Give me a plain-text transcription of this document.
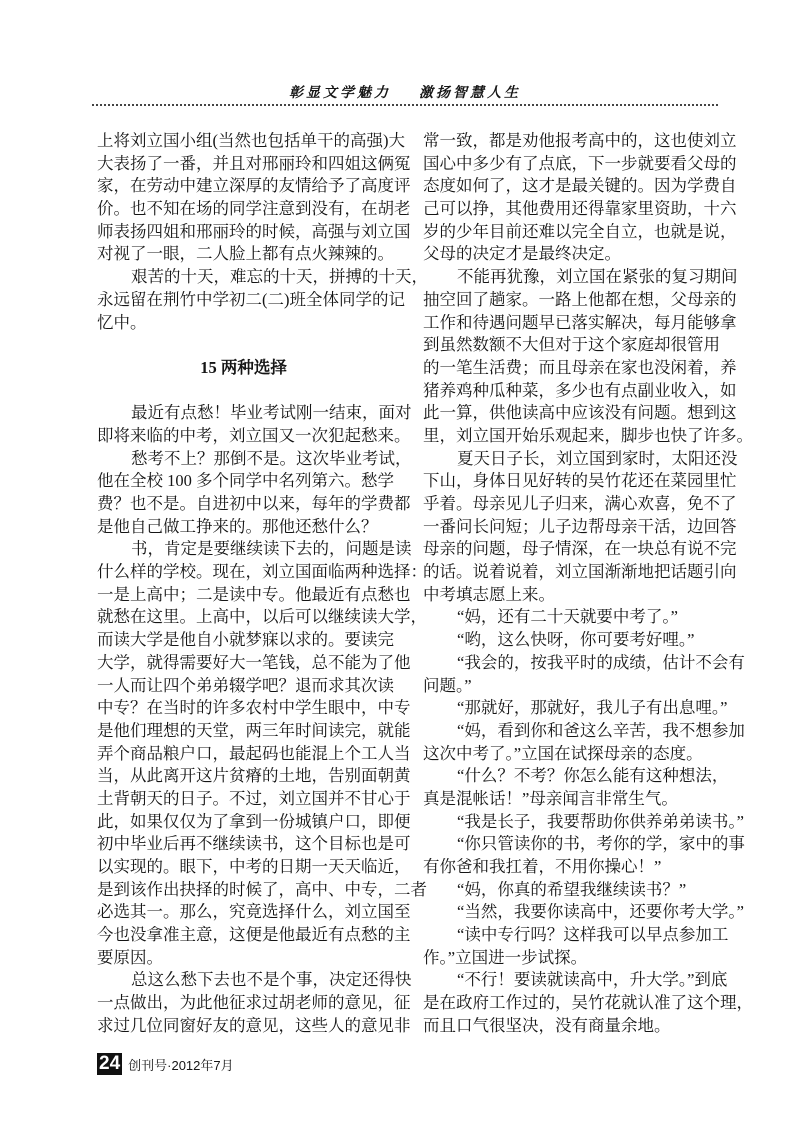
彰显文学魅力 激扬智慧人生
上将刘立国小组(当然也包括单干的高强)大
大表扬了一番，并且对邢丽玲和四姐这俩冤
家，在劳动中建立深厚的友情给予了高度评
价。也不知在场的同学注意到没有，在胡老
师表扬四姐和邢丽玲的时候，高强与刘立国
对视了一眼，二人脸上都有点火辣辣的。
艰苦的十天，难忘的十天，拼搏的十天，
永远留在荆竹中学初二(二)班全体同学的记
忆中。
15 两种选择
最近有点愁！毕业考试刚一结束，面对
即将来临的中考，刘立国又一次犯起愁来。
愁考不上？那倒不是。这次毕业考试，
他在全校 100 多个同学中名列第六。愁学
费？也不是。自进初中以来，每年的学费都
是他自己做工挣来的。那他还愁什么？
书，肯定是要继续读下去的，问题是读
什么样的学校。现在，刘立国面临两种选择：
一是上高中；二是读中专。他最近有点愁也
就愁在这里。上高中，以后可以继续读大学，
而读大学是他自小就梦寐以求的。要读完
大学，就得需要好大一笔钱，总不能为了他
一人而让四个弟弟辍学吧？退而求其次读
中专？在当时的许多农村中学生眼中，中专
是他们理想的天堂，两三年时间读完，就能
弄个商品粮户口，最起码也能混上个工人当
当，从此离开这片贫瘠的土地，告别面朝黄
土背朝天的日子。不过，刘立国并不甘心于
此，如果仅仅为了拿到一份城镇户口，即便
初中毕业后再不继续读书，这个目标也是可
以实现的。眼下，中考的日期一天天临近，
是到该作出抉择的时候了，高中、中专，二者
必选其一。那么，究竟选择什么，刘立国至
今也没拿准主意，这便是他最近有点愁的主
要原因。
总这么愁下去也不是个事，决定还得快
一点做出，为此他征求过胡老师的意见，征
求过几位同窗好友的意见，这些人的意见非
常一致，都是劝他报考高中的，这也使刘立
国心中多少有了点底，下一步就要看父母的
态度如何了，这才是最关键的。因为学费自
己可以挣，其他费用还得靠家里资助，十六
岁的少年目前还难以完全自立，也就是说，
父母的决定才是最终决定。
不能再犹豫，刘立国在紧张的复习期间
抽空回了趟家。一路上他都在想，父母亲的
工作和待遇问题早已落实解决，每月能够拿
到虽然数额不大但对于这个家庭却很管用
的一笔生活费；而且母亲在家也没闲着，养
猪养鸡种瓜种菜，多少也有点副业收入，如
此一算，供他读高中应该没有问题。想到这
里，刘立国开始乐观起来，脚步也快了许多。
夏天日子长，刘立国到家时，太阳还没
下山，身体日见好转的吴竹花还在菜园里忙
乎着。母亲见儿子归来，满心欢喜，免不了
一番问长问短；儿子边帮母亲干活，边回答
母亲的问题，母子情深，在一块总有说不完
的话。说着说着，刘立国渐渐地把话题引向
中考填志愿上来。
“妈，还有二十天就要中考了。”
“哟，这么快呀，你可要考好哩。”
“我会的，按我平时的成绩，估计不会有
问题。”
“那就好，那就好，我儿子有出息哩。”
“妈，看到你和爸这么辛苦，我不想参加
这次中考了。”立国在试探母亲的态度。
“什么？不考？你怎么能有这种想法，
真是混帐话！”母亲闻言非常生气。
“我是长子，我要帮助你供养弟弟读书。”
“你只管读你的书，考你的学，家中的事
有你爸和我扛着，不用你操心！”
“妈，你真的希望我继续读书？”
“当然，我要你读高中，还要你考大学。”
“读中专行吗？这样我可以早点参加工
作。”立国进一步试探。
“不行！要读就读高中，升大学。”到底
是在政府工作过的，吴竹花就认准了这个理，
而且口气很坚决，没有商量余地。
24 创刊号·2012年7月
